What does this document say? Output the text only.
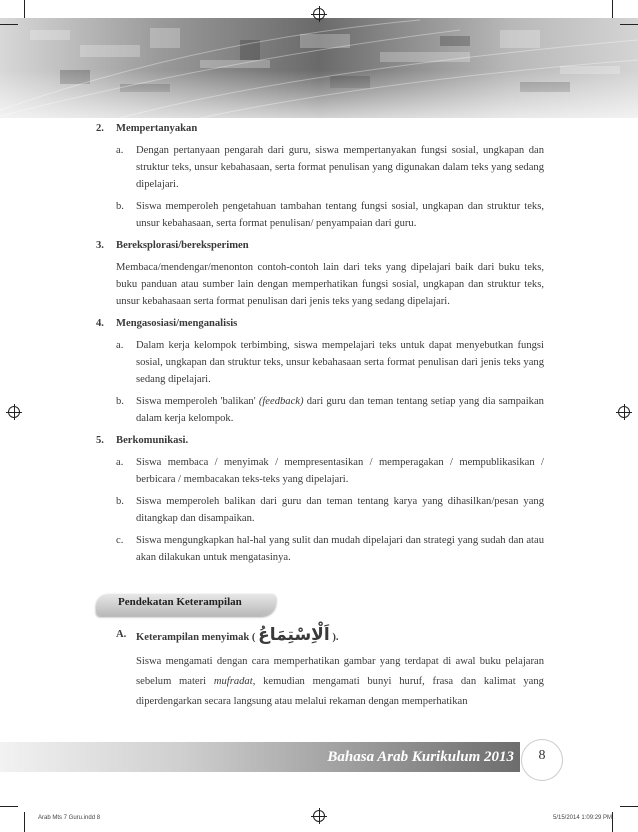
2. Mempertanyakan
a. Dengan pertanyaan pengarah dari guru, siswa mempertanyakan fungsi sosial, ungkapan dan struktur teks, unsur kebahasaan, serta format penulisan yang digunakan dalam teks yang sedang dipelajari.
b. Siswa memperoleh pengetahuan tambahan tentang fungsi sosial, ungkapan dan struktur teks, unsur kebahasaan, serta format penulisan/ penyampaian dari guru.
3. Bereksplorasi/bereksperimen
Membaca/mendengar/menonton contoh-contoh lain dari teks yang dipelajari baik dari buku teks, buku panduan atau sumber lain dengan memperhatikan fungsi sosial, ungkapan dan struktur teks, unsur kebahasaan serta format penulisan dari jenis teks yang sedang dipelajari.
4. Mengasosiasi/menganalisis
a. Dalam kerja kelompok terbimbing, siswa mempelajari teks untuk dapat menyebutkan fungsi sosial, ungkapan dan struktur teks, unsur kebahasaan serta format penulisan dari jenis teks yang sedang dipelajari.
b. Siswa memperoleh 'balikan' (feedback) dari guru dan teman tentang setiap yang dia sampaikan dalam kerja kelompok.
5. Berkomunikasi.
a. Siswa membaca / menyimak / mempresentasikan / memperagakan / mempublikasikan / berbicara / membacakan teks-teks yang dipelajari.
b. Siswa memperoleh balikan dari guru dan teman tentang karya yang dihasilkan/pesan yang ditangkap dan disampaikan.
c. Siswa mengungkapkan hal-hal yang sulit dan mudah dipelajari dan strategi yang sudah dan atau akan dilakukan untuk mengatasinya.
Pendekatan Keterampilan
A. Keterampilan menyimak ( اَلْاِسْتِمَاعُ ).
Siswa mengamati dengan cara memperhatikan gambar yang terdapat di awal buku pelajaran sebelum materi mufradat, kemudian mengamati bunyi huruf, frasa dan kalimat yang diperdengarkan secara langsung atau melalui rekaman dengan memperhatikan
Bahasa Arab Kurikulum 2013	8
Arab Mts 7 Guru.indd 8	5/15/2014 1:09:29 PM
